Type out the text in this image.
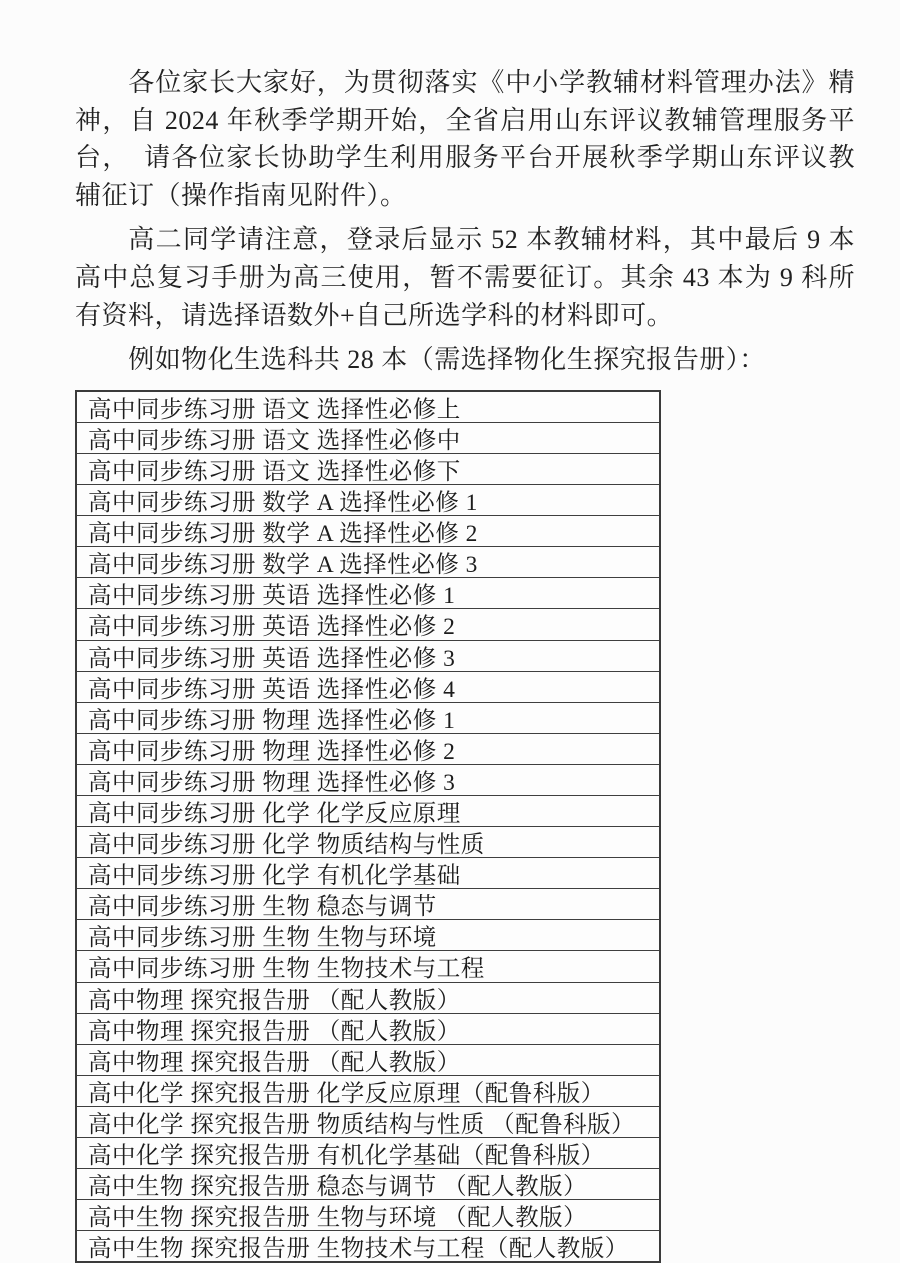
各位家长大家好，为贯彻落实《中小学教辅材料管理办法》精神，自 2024 年秋季学期开始，全省启用山东评议教辅管理服务平台，　请各位家长协助学生利用服务平台开展秋季学期山东评议教辅征订（操作指南见附件）。

高二同学请注意，登录后显示 52 本教辅材料，其中最后 9 本高中总复习手册为高三使用，暂不需要征订。其余 43 本为 9 科所有资料，请选择语数外+自己所选学科的材料即可。

例如物化生选科共 28 本（需选择物化生探究报告册）：

高中同步练习册 语文 选择性必修上
高中同步练习册 语文 选择性必修中
高中同步练习册 语文 选择性必修下
高中同步练习册 数学 A 选择性必修 1
高中同步练习册 数学 A 选择性必修 2
高中同步练习册 数学 A 选择性必修 3
高中同步练习册 英语 选择性必修 1
高中同步练习册 英语 选择性必修 2
高中同步练习册 英语 选择性必修 3
高中同步练习册 英语 选择性必修 4
高中同步练习册 物理 选择性必修 1
高中同步练习册 物理 选择性必修 2
高中同步练习册 物理 选择性必修 3
高中同步练习册 化学 化学反应原理
高中同步练习册 化学 物质结构与性质
高中同步练习册 化学 有机化学基础
高中同步练习册 生物 稳态与调节
高中同步练习册 生物 生物与环境
高中同步练习册 生物 生物技术与工程
高中物理 探究报告册 （配人教版）
高中物理 探究报告册 （配人教版）
高中物理 探究报告册 （配人教版）
高中化学 探究报告册 化学反应原理（配鲁科版）
高中化学 探究报告册 物质结构与性质 （配鲁科版）
高中化学 探究报告册 有机化学基础（配鲁科版）
高中生物 探究报告册 稳态与调节 （配人教版）
高中生物 探究报告册 生物与环境 （配人教版）
高中生物 探究报告册 生物技术与工程（配人教版）
